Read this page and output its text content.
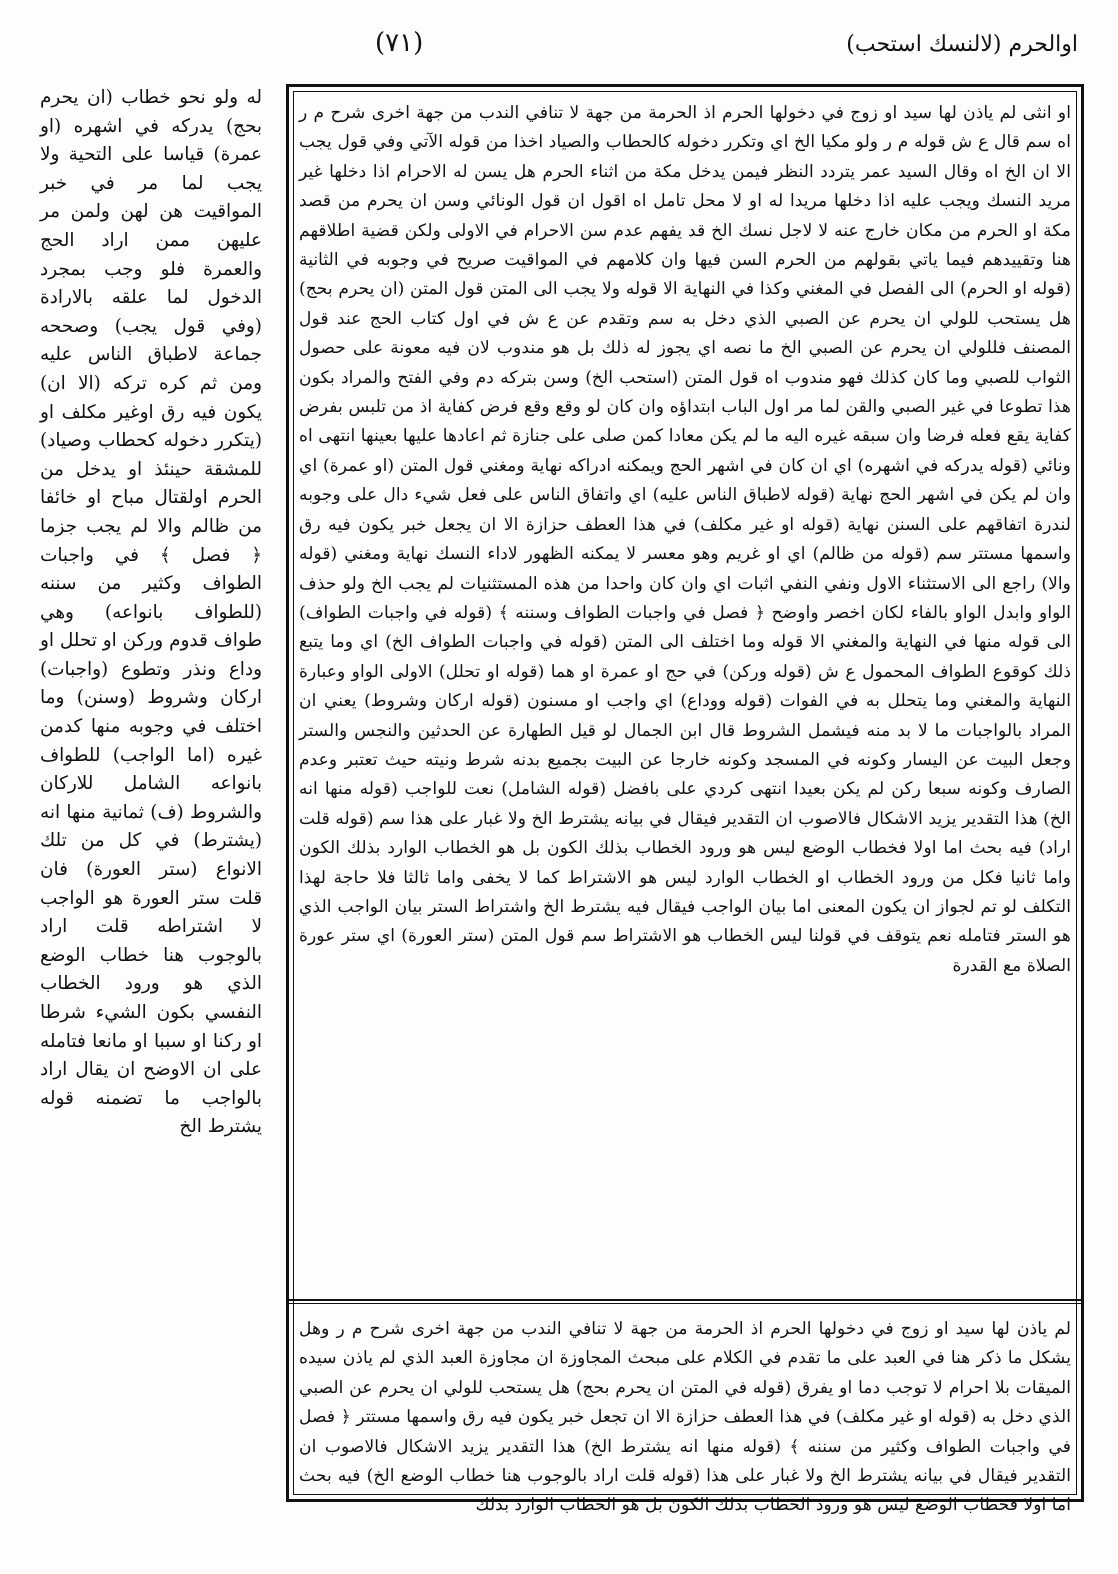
اوالحرم (لالنسك استحب)
(٧١)

له ولو نحو خطاب (ان يحرم بحج) يدركه في اشهره (او عمرة) قياسا على التحية ولا يجب لما مر في خبر المواقيت هن لهن ولمن مر عليهن ممن اراد الحج والعمرة فلو وجب بمجرد الدخول لما علقه بالارادة (وفي قول يجب) وصححه جماعة لاطباق الناس عليه ومن ثم كره تركه (الا ان) يكون فيه رق اوغير مكلف او (يتكرر دخوله كحطاب وصياد) للمشقة حينئذ او يدخل من الحرم اولقتال مباح او خائفا من ظالم والا لم يجب جزما ﴿ فصل ﴾ في واجبات الطواف وكثير من سننه (للطواف بانواعه) وهي طواف قدوم وركن او تحلل او وداع ونذر وتطوع (واجبات) اركان وشروط (وسنن) وما اختلف في وجوبه منها كدمن غيره (اما الواجب) للطواف بانواعه الشامل للاركان والشروط (ف) ثمانية منها انه (يشترط) في كل من تلك الانواع (ستر العورة) فان قلت ستر العورة هو الواجب لا اشتراطه قلت اراد بالوجوب هنا خطاب الوضع الذي هو ورود الخطاب النفسي بكون الشيء شرطا او ركنا او سببا او مانعا فتامله على ان الاوضح ان يقال اراد بالواجب ما تضمنه قوله يشترط الخ

او انثى لم ياذن لها سيد او زوج في دخولها الحرم اذ الحرمة من جهة لا تنافي الندب من جهة اخرى شرح م ر اه سم قال ع ش قوله م ر ولو مكيا الخ اي وتكرر دخوله كالحطاب والصياد اخذا من قوله الآتي وفي قول يجب الا ان الخ اه وقال السيد عمر يتردد النظر فيمن يدخل مكة من اثناء الحرم هل يسن له الاحرام اذا دخلها غير مريد النسك ويجب عليه اذا دخلها مريدا له او لا محل تامل اه اقول ان قول الونائي وسن ان يحرم من قصد مكة او الحرم من مكان خارج عنه لا لاجل نسك الخ قد يفهم عدم سن الاحرام في الاولى ولكن قضية اطلاقهم هنا وتقييدهم فيما ياتي بقولهم من الحرم السن فيها وان كلامهم في المواقيت صريح في وجوبه في الثانية (قوله او الحرم) الى الفصل في المغني وكذا في النهاية الا قوله ولا يجب الى المتن قول المتن (ان يحرم بحج) هل يستحب للولي ان يحرم عن الصبي الذي دخل به سم وتقدم عن ع ش في اول كتاب الحج عند قول المصنف فللولي ان يحرم عن الصبي الخ ما نصه اي يجوز له ذلك بل هو مندوب لان فيه معونة على حصول الثواب للصبي وما كان كذلك فهو مندوب اه قول المتن (استحب الخ) وسن بتركه دم وفي الفتح والمراد بكون هذا تطوعا في غير الصبي والقن لما مر اول الباب ابتداؤه وان كان لو وقع وقع فرض كفاية اذ من تلبس بفرض كفاية يقع فعله فرضا وان سبقه غيره اليه ما لم يكن معادا كمن صلى على جنازة ثم اعادها عليها بعينها انتهى اه ونائي (قوله يدركه في اشهره) اي ان كان في اشهر الحج ويمكنه ادراكه نهاية ومغني قول المتن (او عمرة) اي وان لم يكن في اشهر الحج نهاية (قوله لاطباق الناس عليه) اي واتفاق الناس على فعل شيء دال على وجوبه لندرة اتفاقهم على السنن نهاية (قوله او غير مكلف) في هذا العطف حزازة الا ان يجعل خبر يكون فيه رق واسمها مستتر سم (قوله من ظالم) اي او غريم وهو معسر لا يمكنه الظهور لاداء النسك نهاية ومغني (قوله والا) راجع الى الاستثناء الاول ونفي النفي اثبات اي وان كان واحدا من هذه المستثنيات لم يجب الخ ولو حذف الواو وابدل الواو بالفاء لكان اخصر واوضح ﴿ فصل في واجبات الطواف وسننه ﴾ (قوله في واجبات الطواف) الى قوله منها في النهاية والمغني الا قوله وما اختلف الى المتن (قوله في واجبات الطواف الخ) اي وما يتبع ذلك كوقوع الطواف المحمول ع ش (قوله وركن) في حج او عمرة او هما (قوله او تحلل) الاولى الواو وعبارة النهاية والمغني وما يتحلل به في الفوات (قوله ووداع) اي واجب او مسنون (قوله اركان وشروط) يعني ان المراد بالواجبات ما لا بد منه فيشمل الشروط قال ابن الجمال لو قيل الطهارة عن الحدثين والنجس والستر وجعل البيت عن اليسار وكونه في المسجد وكونه خارجا عن البيت بجميع بدنه شرط ونيته حيث تعتبر وعدم الصارف وكونه سبعا ركن لم يكن بعيدا انتهى كردي على بافضل (قوله الشامل) نعت للواجب (قوله منها انه الخ) هذا التقدير يزيد الاشكال فالاصوب ان التقدير فيقال في بيانه يشترط الخ ولا غبار على هذا سم (قوله قلت اراد) فيه بحث اما اولا فخطاب الوضع ليس هو ورود الخطاب بذلك الكون بل هو الخطاب الوارد بذلك الكون واما ثانيا فكل من ورود الخطاب او الخطاب الوارد ليس هو الاشتراط كما لا يخفى واما ثالثا فلا حاجة لهذا التكلف لو تم لجواز ان يكون المعنى اما بيان الواجب فيقال فيه يشترط الخ واشتراط الستر بيان الواجب الذي هو الستر فتامله نعم يتوقف في قولنا ليس الخطاب هو الاشتراط سم قول المتن (ستر العورة) اي ستر عورة الصلاة مع القدرة

لم ياذن لها سيد او زوج في دخولها الحرم اذ الحرمة من جهة لا تنافي الندب من جهة اخرى شرح م ر وهل يشكل ما ذكر هنا في العبد على ما تقدم في الكلام على مبحث المجاوزة ان مجاوزة العبد الذي لم ياذن سيده الميقات بلا احرام لا توجب دما او يفرق (قوله في المتن ان يحرم بحج) هل يستحب للولي ان يحرم عن الصبي الذي دخل به (قوله او غير مكلف) في هذا العطف حزازة الا ان تجعل خبر يكون فيه رق واسمها مستتر ﴿ فصل في واجبات الطواف وكثير من سننه ﴾ (قوله منها انه يشترط الخ) هذا التقدير يزيد الاشكال فالاصوب ان التقدير فيقال في بيانه يشترط الخ ولا غبار على هذا (قوله قلت اراد بالوجوب هنا خطاب الوضع الخ) فيه بحث اما اولا فخطاب الوضع ليس هو ورود الخطاب بذلك الكون بل هو الخطاب الوارد بذلك
